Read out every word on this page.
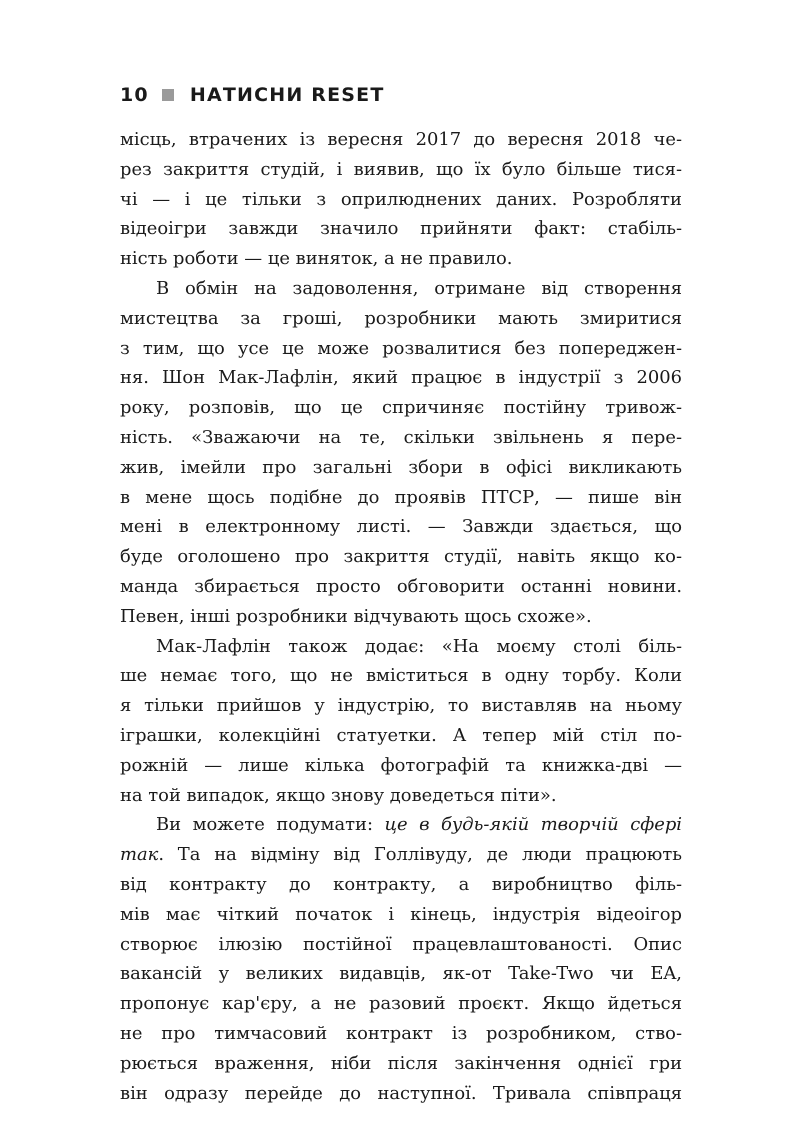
10 НАТИСНИ RESET
місць, втрачених із вересня 2017 до вересня 2018 че-
рез закриття студій, і виявив, що їх було більше тися-
чі — і це тільки з оприлюднених даних. Розробляти
відеоігри завжди значило прийняти факт: стабіль-
ність роботи — це виняток, а не правило.
В обмін на задоволення, отримане від створення
мистецтва за гроші, розробники мають змиритися
з тим, що усе це може розвалитися без попереджен-
ня. Шон Мак-Лафлін, який працює в індустрії з 2006
року, розповів, що це спричиняє постійну тривож-
ність. «Зважаючи на те, скільки звільнень я пере-
жив, імейли про загальні збори в офісі викликають
в мене щось подібне до проявів ПТСР, — пише він
мені в електронному листі. — Завжди здається, що
буде оголошено про закриття студії, навіть якщо ко-
манда збирається просто обговорити останні новини.
Певен, інші розробники відчувають щось схоже».
Мак-Лафлін також додає: «На моєму столі біль-
ше немає того, що не вміститься в одну торбу. Коли
я тільки прийшов у індустрію, то виставляв на ньому
іграшки, колекційні статуетки. А тепер мій стіл по-
рожній — лише кілька фотографій та книжка-дві —
на той випадок, якщо знову доведеться піти».
Ви можете подумати: це в будь-якій творчій сфері
так. Та на відміну від Голлівуду, де люди працюють
від контракту до контракту, а виробництво філь-
мів має чіткий початок і кінець, індустрія відеоігор
створює ілюзію постійної працевлаштованості. Опис
вакансій у великих видавців, як-от Take-Two чи EA,
пропонує кар'єру, а не разовий проєкт. Якщо йдеться
не про тимчасовий контракт із розробником, ство-
рюється враження, ніби після закінчення однієї гри
він одразу перейде до наступної. Тривала співпраця
